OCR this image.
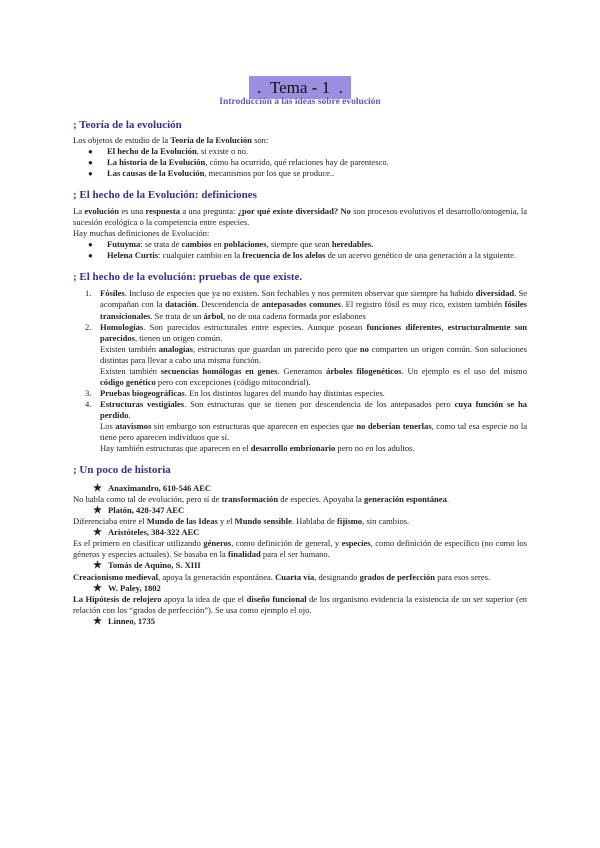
.  Tema - 1  .
Introducción a las ideas sobre evolución
; Teoría de la evolución

Los objetos de estudio de la Teoría de la Evolución son:

● El hecho de la Evolución, si existe o no.
● La historia de la Evolución, cómo ha ocurrido, qué relaciones hay de parentesco.
● Las causas de la Evolución, mecanismos por los que se produce..
; El hecho de la Evolución: definiciones

La evolución es una respuesta a una pregunta: ¿por qué existe diversidad? No son procesos evolutivos el desarrollo/ontogenia, la sucesión ecológica o la competencia entre especies.

Hay muchas definiciones de Evolución:

● Futuyma: se trata de cambios en poblaciones, siempre que sean heredables.
● Helena Curtis: cualquier cambio en la frecuencia de los alelos de un acervo genético de una generación a la siguiente.
; El hecho de la evolución: pruebas de que existe.
1. Fósiles. Incluso de especies que ya no existen. Son fechables y nos permiten observar que siempre ha habido diversidad. Se acompañan con la datación. Descendencia de antepasados comunes. El registro fósil es muy rico, existen también fósiles transicionales. Se trata de un árbol, no de una cadena formada por eslabones
2. Homologías. Son parecidos estructurales entre especies. Aunque posean funciones diferentes, estructuralmente son parecidos, tienen un origen común.
Existen también analogías, estructuras que guardan un parecido pero que no comparten un origen común. Son soluciones distintas para llevar a cabo una misma función.
Existen también secuencias homólogas en genes. Generamos árboles filogenéticos. Un ejemplo es el uso del mismo código genético pero con excepciones (código mitocondrial).
3. Pruebas biogeográficas. En los distintos lugares del mundo hay distintas especies.
4. Estructuras vestigiales. Son estructuras que se tienen por descendencia de los antepasados pero cuya función se ha perdido.
Los atavismos sin embargo son estructuras que aparecen en especies que no deberían tenerlas, como tal esa especie no la tiene pero aparecen individuos que sí.
Hay también estructuras que aparecen en el desarrollo embrionario pero no en los adultos.
; Un poco de historia
★ Anaximandro, 610-546 AEC

No habla como tal de evolución, pero sí de transformación de especies. Apoyaba la generación espontánea.

★ Platón, 428-347 AEC

Diferenciaba entre el Mundo de las Ideas y el Mundo sensible. Hablaba de fijismo, sin cambios.

★ Aristóteles, 384-322 AEC

Es el primero en clasificar utilizando géneros, como definición de general, y especies, como definición de específico (no como los géneros y especies actuales). Se basaba en la finalidad para el ser humano.

★ Tomás de Aquino, S. XIII

Creacionismo medieval, apoya la generación espontánea. Cuarta vía, designando grados de perfección para esos seres.

★ W. Paley, 1802

La Hipótesis de relojero apoya la idea de que el diseño funcional de los organismo evidencia la existencia de un ser superior (en relación con los “grados de perfección”). Se usa como ejemplo el ojo.

★ Linneo, 1735
